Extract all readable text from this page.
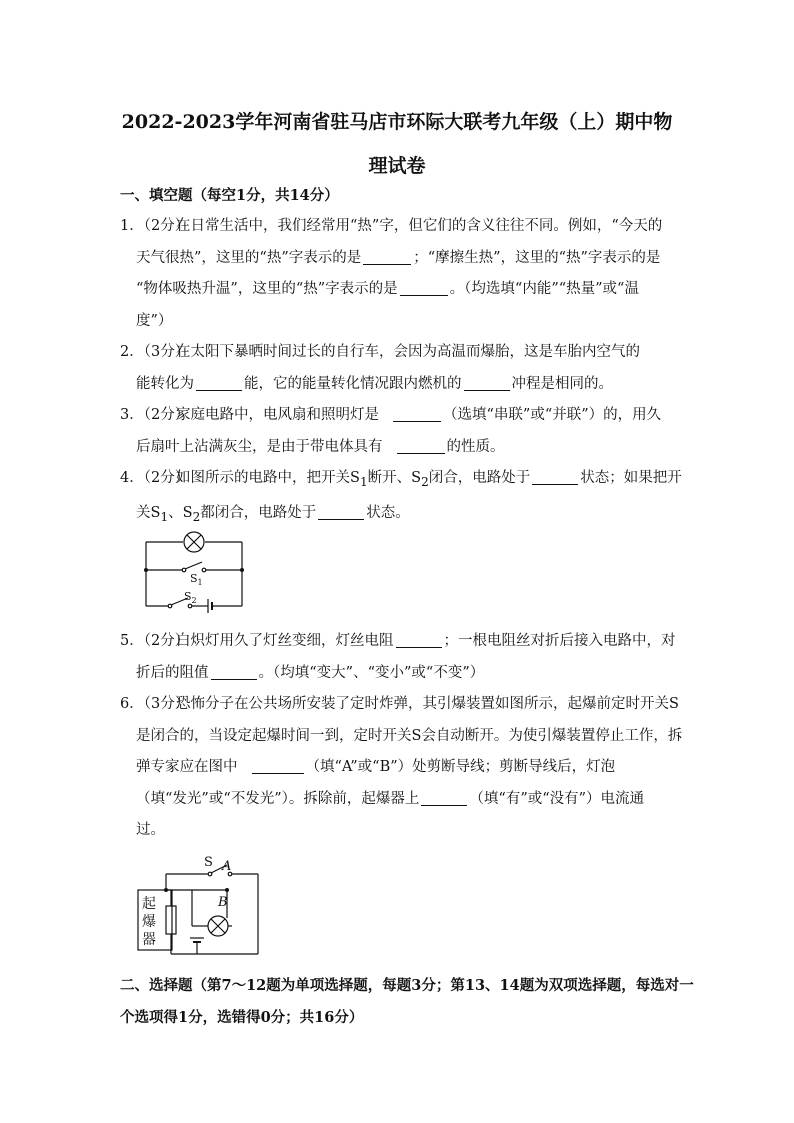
2022-2023学年河南省驻马店市环际大联考九年级（上）期中物
理试卷
一、填空题（每空1分，共14分）
1．（2分）在日常生活中，我们经常用“热”字，但它们的含义往往不同。例如，“今天的
天气很热”，这里的“热”字表示的是	；“摩擦生热”，这里的“热”字表示的是
“物体吸热升温”，这里的“热”字表示的是	。（均选填“内能”“热量”或“温
度”）
2．（3分）在太阳下暴晒时间过长的自行车，会因为高温而爆胎，这是车胎内空气的
能转化为	能，它的能量转化情况跟内燃机的	冲程是相同的。
3．（2分）家庭电路中，电风扇和照明灯是	（选填“串联”或“并联”）的，用久
后扇叶上沾满灰尘，是由于带电体具有	的性质。
4．（2分）如图所示的电路中，把开关$S_1$断开、$S_2$闭合，电路处于	状态；如果把开
关$S_1$、$S_2$都闭合，电路处于	状态。
$S_1$
$S_2$
5．（2分）白炽灯用久了灯丝变细，灯丝电阻	；一根电阻丝对折后接入电路中，对
折后的阻值	。（均填“变大”、“变小”或“不变”）
6．（3分）恐怖分子在公共场所安装了定时炸弹，其引爆装置如图所示，起爆前定时开关S
是闭合的，当设定起爆时间一到，定时开关S会自动断开。为使引爆装置停止工作，拆
弹专家应在图中	（填“A”或“B”）处剪断导线；剪断导线后，灯泡
（填“发光”或“不发光”）。拆除前，起爆器上	（填“有”或“没有”）电流通
过。
S A
B
起
爆
器
二、选择题（第7～12题为单项选择题，每题3分；第13、14题为双项选择题，每选对一
个选项得1分，选错得0分；共16分）
